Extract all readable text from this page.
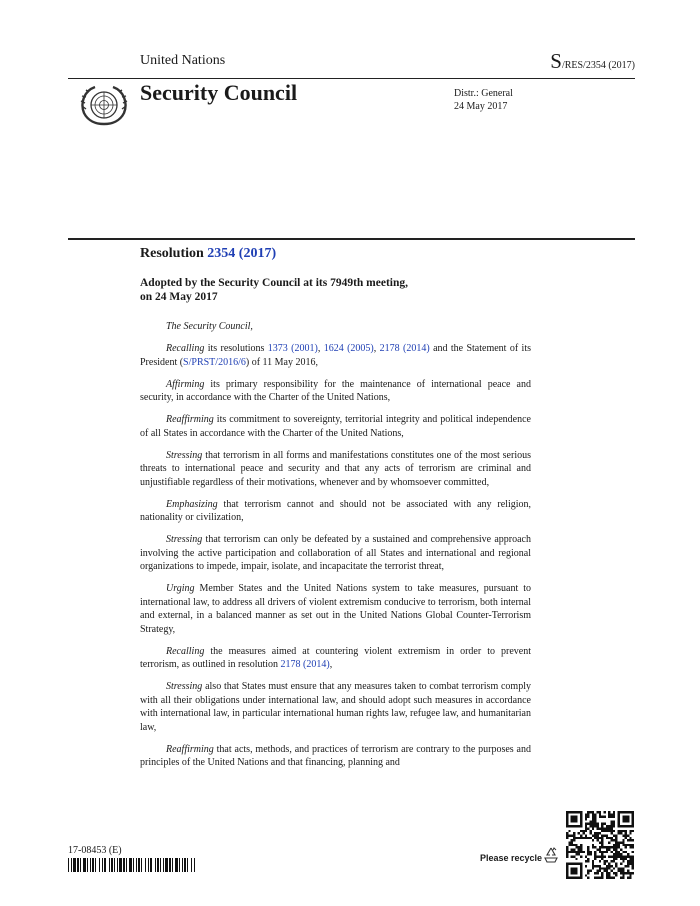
United Nations	S/RES/2354 (2017)
Security Council	Distr.: General
24 May 2017
Resolution 2354 (2017)
Adopted by the Security Council at its 7949th meeting,
on 24 May 2017

The Security Council,

Recalling its resolutions 1373 (2001), 1624 (2005), 2178 (2014) and the Statement of its President (S/PRST/2016/6) of 11 May 2016,

Affirming its primary responsibility for the maintenance of international peace and security, in accordance with the Charter of the United Nations,

Reaffirming its commitment to sovereignty, territorial integrity and political independence of all States in accordance with the Charter of the United Nations,

Stressing that terrorism in all forms and manifestations constitutes one of the most serious threats to international peace and security and that any acts of terrorism are criminal and unjustifiable regardless of their motivations, whenever and by whomsoever committed,

Emphasizing that terrorism cannot and should not be associated with any religion, nationality or civilization,

Stressing that terrorism can only be defeated by a sustained and comprehensive approach involving the active participation and collaboration of all States and international and regional organizations to impede, impair, isolate, and incapacitate the terrorist threat,

Urging Member States and the United Nations system to take measures, pursuant to international law, to address all drivers of violent extremism conducive to terrorism, both internal and external, in a balanced manner as set out in the United Nations Global Counter-Terrorism Strategy,

Recalling the measures aimed at countering violent extremism in order to prevent terrorism, as outlined in resolution 2178 (2014),

Stressing also that States must ensure that any measures taken to combat terrorism comply with all their obligations under international law, and should adopt such measures in accordance with international law, in particular international human rights law, refugee law, and humanitarian law,

Reaffirming that acts, methods, and practices of terrorism are contrary to the purposes and principles of the United Nations and that financing, planning and

17-08453 (E)
Please recycle
